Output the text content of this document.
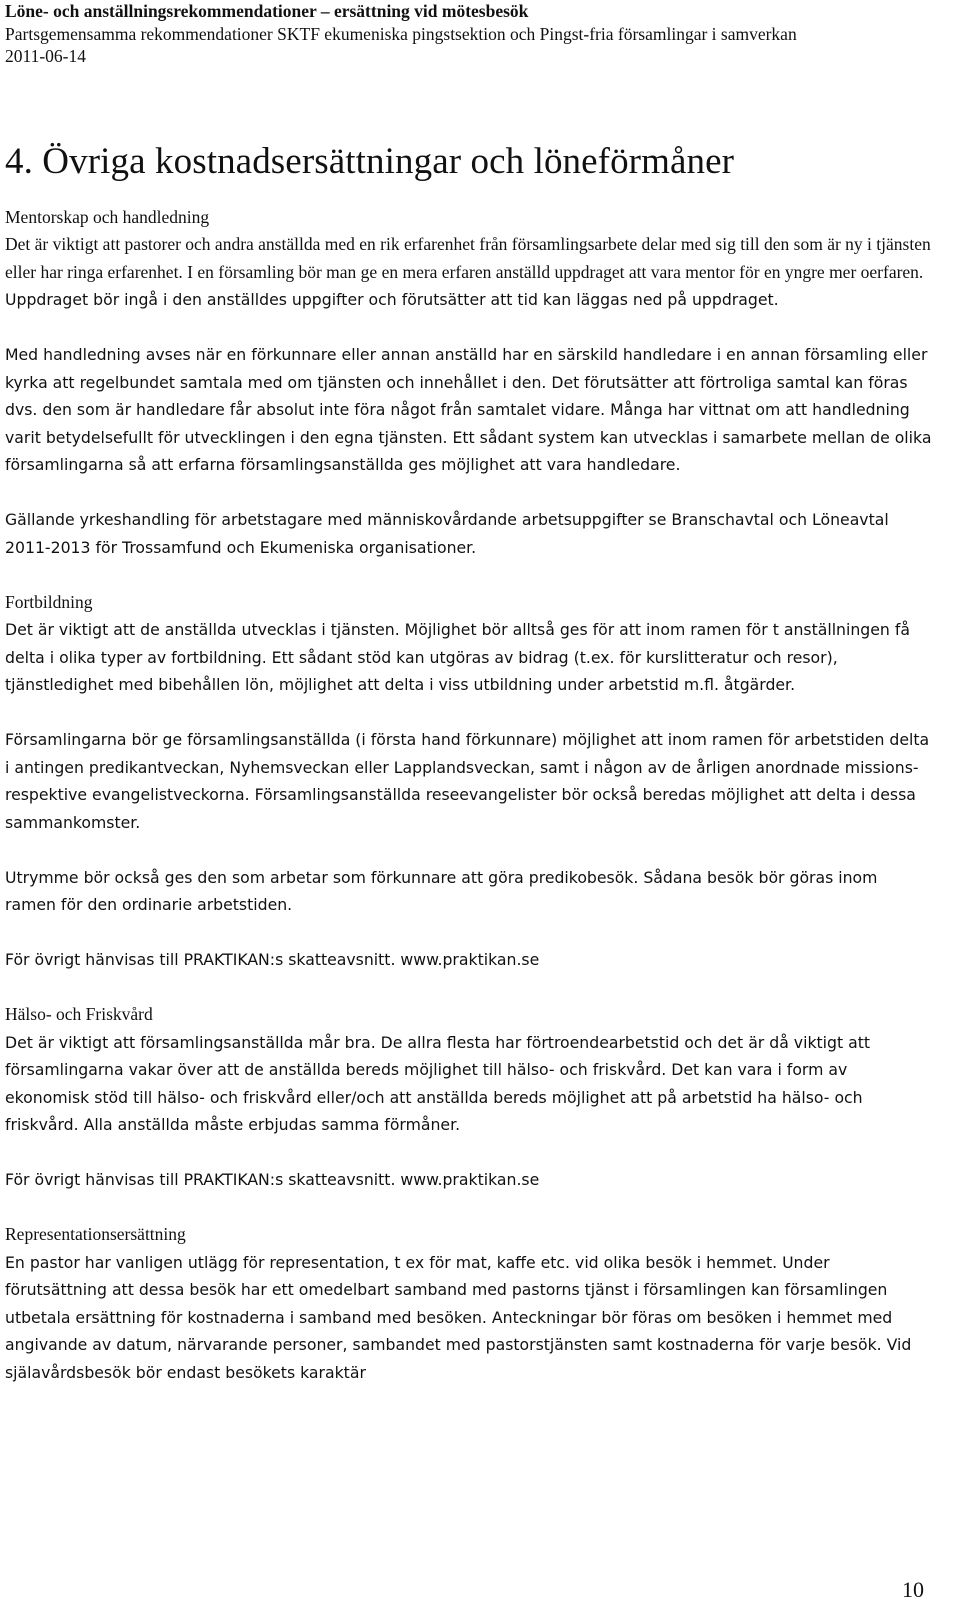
Löne- och anställningsrekommendationer – ersättning vid mötesbesök
Partsgemensamma rekommendationer SKTF ekumeniska pingstsektion och Pingst-fria församlingar i samverkan
2011-06-14
4. Övriga kostnadsersättningar och löneförmåner
Mentorskap och handledning

Det är viktigt att pastorer och andra anställda med en rik erfarenhet från församlingsarbete delar med sig till den som är ny i tjänsten eller har ringa erfarenhet. I en församling bör man ge en mera erfaren anställd uppdraget att vara mentor för en yngre mer oerfaren. Uppdraget bör ingå i den anställdes uppgifter och förutsätter att tid kan läggas ned på uppdraget.

Med handledning avses när en förkunnare eller annan anställd har en särskild handledare i en annan församling eller kyrka att regelbundet samtala med om tjänsten och innehållet i den. Det förutsätter att förtroliga samtal kan föras dvs. den som är handledare får absolut inte föra något från samtalet vidare. Många har vittnat om att handledning varit betydelsefullt för utvecklingen i den egna tjänsten. Ett sådant system kan utvecklas i samarbete mellan de olika församlingarna så att erfarna församlingsanställda ges möjlighet att vara handledare.

Gällande yrkeshandling för arbetstagare med människovårdande arbetsuppgifter se Branschavtal och Löneavtal 2011-2013 för Trossamfund och Ekumeniska organisationer.

Fortbildning

Det är viktigt att de anställda utvecklas i tjänsten. Möjlighet bör alltså ges för att inom ramen för t anställningen få delta i olika typer av fortbildning. Ett sådant stöd kan utgöras av bidrag (t.ex. för kurslitteratur och resor), tjänstledighet med bibehållen lön, möjlighet att delta i viss utbildning under arbetstid m.fl. åtgärder.

Församlingarna bör ge församlingsanställda (i första hand förkunnare) möjlighet att inom ramen för arbetstiden delta i antingen predikantveckan, Nyhemsveckan eller Lapplandsveckan, samt i någon av de årligen anordnade missions- respektive evangelistveckorna. Församlingsanställda reseevangelister bör också beredas möjlighet att delta i dessa sammankomster.

Utrymme bör också ges den som arbetar som förkunnare att göra predikobesök. Sådana besök bör göras inom ramen för den ordinarie arbetstiden.

För övrigt hänvisas till PRAKTIKAN:s skatteavsnitt. www.praktikan.se

Hälso- och Friskvård

Det är viktigt att församlingsanställda mår bra. De allra flesta har förtroendearbetstid och det är då viktigt att församlingarna vakar över att de anställda bereds möjlighet till hälso- och friskvård. Det kan vara i form av ekonomisk stöd till hälso- och friskvård eller/och att anställda bereds möjlighet att på arbetstid ha hälso- och friskvård. Alla anställda måste erbjudas samma förmåner.

För övrigt hänvisas till PRAKTIKAN:s skatteavsnitt. www.praktikan.se

Representationsersättning

En pastor har vanligen utlägg för representation, t ex för mat, kaffe etc. vid olika besök i hemmet. Under förutsättning att dessa besök har ett omedelbart samband med pastorns tjänst i församlingen kan församlingen utbetala ersättning för kostnaderna i samband med besöken. Anteckningar bör föras om besöken i hemmet med angivande av datum, närvarande personer, sambandet med pastorstjänsten samt kostnaderna för varje besök. Vid själavårdsbesök bör endast besökets karaktär

10
